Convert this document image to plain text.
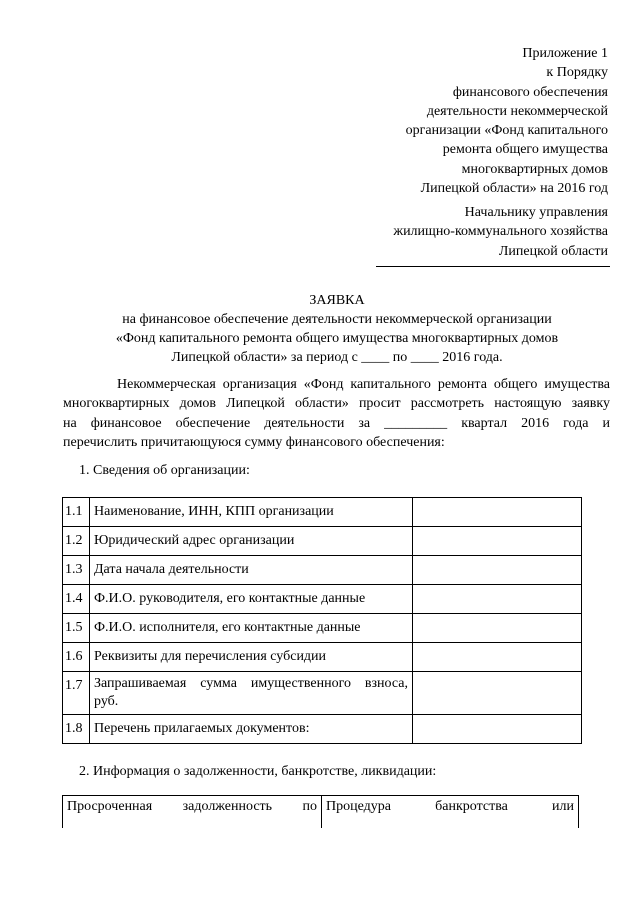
Приложение 1
к Порядку
финансового обеспечения
деятельности некоммерческой
организации «Фонд капитального
ремонта общего имущества
многоквартирных домов
Липецкой области» на 2016 год
Начальнику управления
жилищно-коммунального хозяйства
Липецкой области
ЗАЯВКА
на финансовое обеспечение деятельности некоммерческой организации
«Фонд капитального ремонта общего имущества многоквартирных домов
Липецкой области» за период с ____ по ____ 2016 года.
Некоммерческая организация «Фонд капитального ремонта общего имущества
многоквартирных домов Липецкой области» просит рассмотреть настоящую заявку
на финансовое обеспечение деятельности за _________ квартал 2016 года и
перечислить причитающуюся сумму финансового обеспечения:
1. Сведения об организации:
1.1	Наименование, ИНН, КПП организации	
1.2	Юридический адрес организации	
1.3	Дата начала деятельности	
1.4	Ф.И.О. руководителя, его контактные данные	
1.5	Ф.И.О. исполнителя, его контактные данные	
1.6	Реквизиты для перечисления субсидии	
1.7	Запрашиваемая сумма имущественного взноса,
руб.	
1.8	Перечень прилагаемых документов:	
2. Информация о задолженности, банкротстве, ликвидации:
Просроченная задолженность по	Процедура банкротства или
